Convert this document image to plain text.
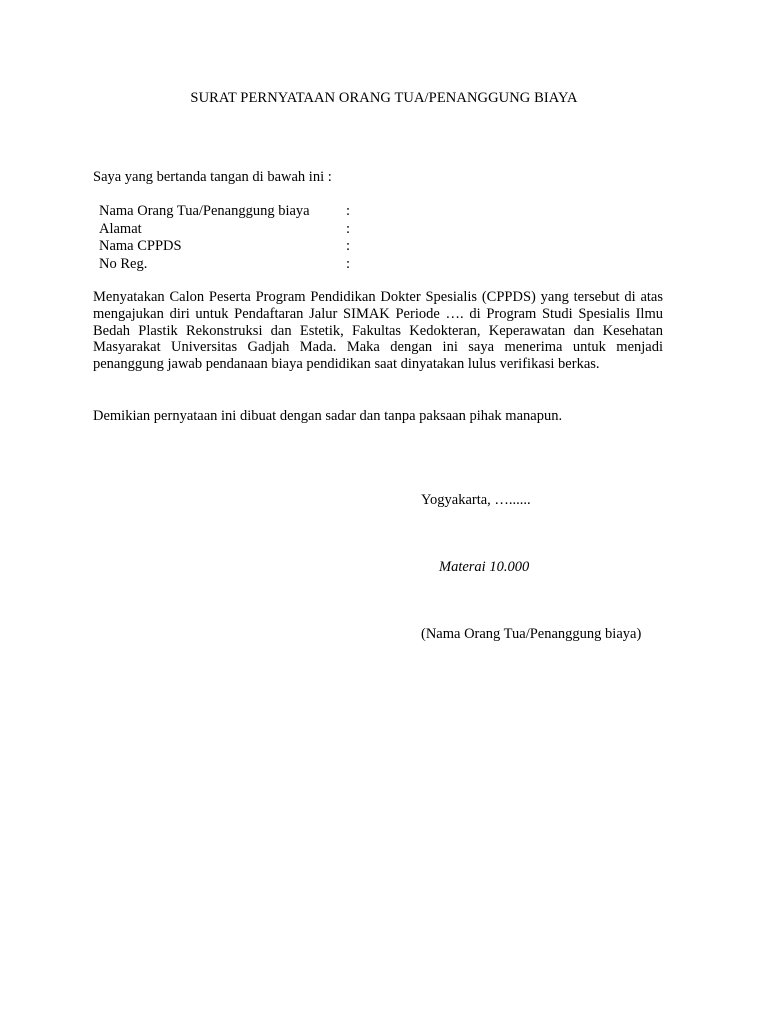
SURAT PERNYATAAN ORANG TUA/PENANGGUNG BIAYA
Saya yang bertanda tangan di bawah ini :
Nama Orang Tua/Penanggung biaya	:
Alamat	:
Nama CPPDS	:
No Reg.	:
Menyatakan Calon Peserta Program Pendidikan Dokter Spesialis (CPPDS) yang tersebut di atas mengajukan diri untuk Pendaftaran Jalur SIMAK Periode …. di Program Studi Spesialis Ilmu Bedah Plastik Rekonstruksi dan Estetik, Fakultas Kedokteran, Keperawatan dan Kesehatan Masyarakat Universitas Gadjah Mada. Maka dengan ini saya menerima untuk menjadi penanggung jawab pendanaan biaya pendidikan saat dinyatakan lulus verifikasi berkas.
Demikian pernyataan ini dibuat dengan sadar dan tanpa paksaan pihak manapun.
Yogyakarta, …......
Materai 10.000
(Nama Orang Tua/Penanggung biaya)
